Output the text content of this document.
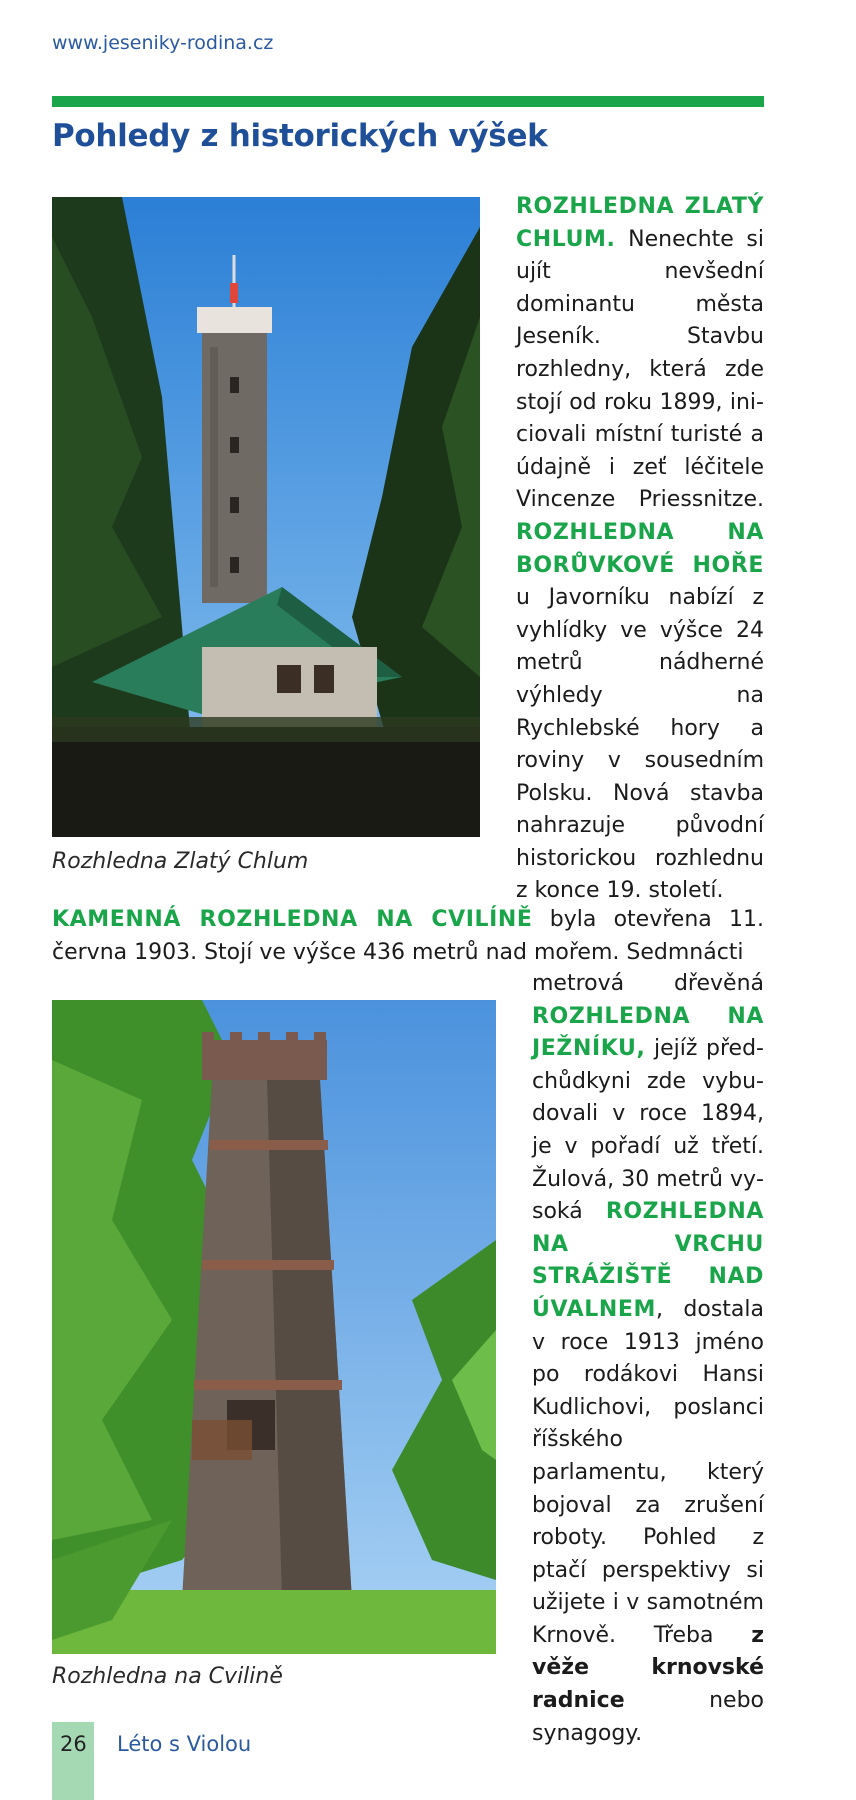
www.jeseniky-rodina.cz
Pohledy z historických výšek
Rozhledna Zlatý Chlum
ROZHLEDNA ZLATÝ CHLUM. Nenechte si ujít nevšední dominantu města Jeseník. Stavbu rozhledny, která zde stojí od roku 1899, iniciovali místní turisté a údajně i zeť léčitele Vincenze Priessnitze. ROZHLEDNA NA BORŮVKOVÉ HOŘE u Javorníku nabízí z vyhlídky ve výšce 24 metrů nádherné výhledy na Rychlebské hory a roviny v sousedním Polsku. Nová stavba nahrazuje původní historickou rozhlednu z konce 19. století.
KAMENNÁ ROZHLEDNA NA CVILÍNĚ byla otevřena 11. června 1903. Stojí ve výšce 436 metrů nad mořem. Sedmnácti
Rozhledna na Cvilině
metrová dřevěná ROZHLEDNA NA JEŽNÍKU, jejíž předchůdkyni zde vybudovali v roce 1894, je v pořadí už třetí. Žulová, 30 metrů vysoká ROZHLEDNA NA VRCHU STRÁŽIŠTĚ NAD ÚVALNEM, dostala v roce 1913 jméno po rodákovi Hansi Kudlichovi, poslanci říšského parlamentu, který bojoval za zrušení roboty. Pohled z ptačí perspektivy si užijete i v samotném Krnově. Třeba z věže krnovské radnice nebo synagogy.
26 Léto s Violou
